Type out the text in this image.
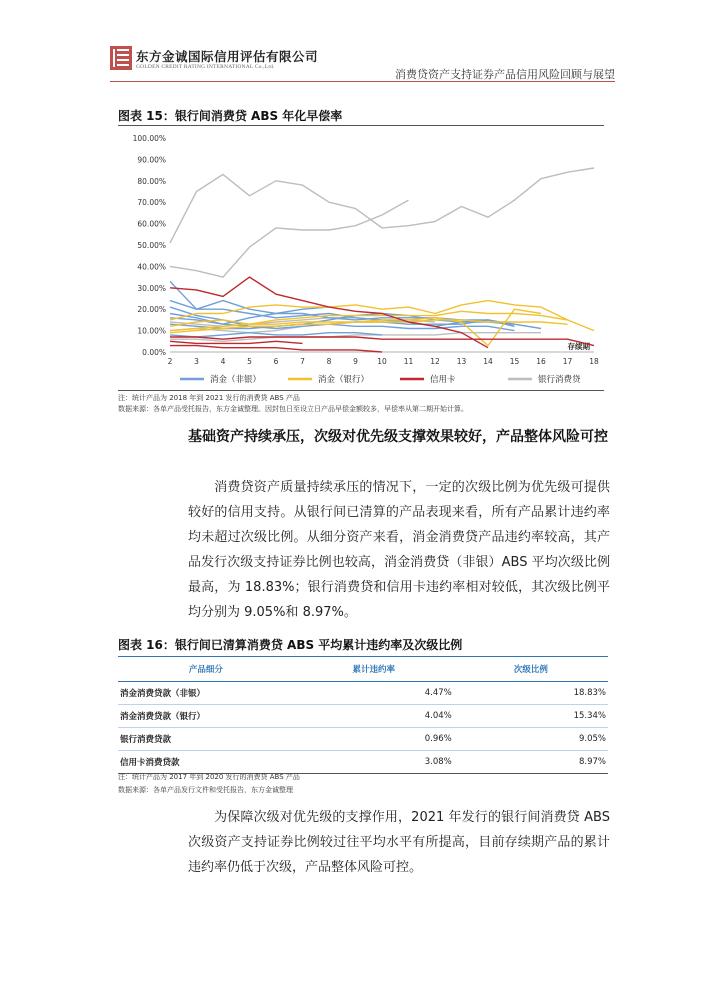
东方金诚国际信用评估有限公司
GOLDEN CREDIT RATING INTERNATIONAL Co.,Ltd.
消费贷资产支持证券产品信用风险回顾与展望
图表 15：银行间消费贷 ABS 年化早偿率
0.00%
10.00%
20.00%
30.00%
40.00%
50.00%
60.00%
70.00%
80.00%
90.00%
100.00%
2	3	4	5	6	7	8	9	10 11 12 13 14 15 16 17 18
存续期
消金（非银）	消金（银行）	信用卡	银行消费贷
注：统计产品为 2018 年到 2021 发行的消费贷 ABS 产品
数据来源：各单产品受托报告，东方金诚整理。因封包日至设立日产品早偿金额较多，早偿率从第二期开始计算。
基础资产持续承压，次级对优先级支撑效果较好，产品整体风险可控
消费贷资产质量持续承压的情况下，一定的次级比例为优先级可提供较好的信用支持。从银行间已清算的产品表现来看，所有产品累计违约率均未超过次级比例。从细分资产来看，消金消费贷产品违约率较高，其产品发行次级支持证券比例也较高，消金消费贷（非银）ABS 平均次级比例最高，为 18.83%；银行消费贷和信用卡违约率相对较低，其次级比例平均分别为 9.05%和 8.97%。
图表 16：银行间已清算消费贷 ABS 平均累计违约率及次级比例
产品细分	累计违约率	次级比例
消金消费贷款（非银）	4.47%	18.83%
消金消费贷款（银行）	4.04%	15.34%
银行消费贷款	0.96%	9.05%
信用卡消费贷款	3.08%	8.97%
注：统计产品为 2017 年到 2020 发行的消费贷 ABS 产品
数据来源：各单产品发行文件和受托报告，东方金诚整理
为保障次级对优先级的支撑作用，2021 年发行的银行间消费贷 ABS 次级资产支持证券比例较过往平均水平有所提高，目前存续期产品的累计违约率仍低于次级，产品整体风险可控。
